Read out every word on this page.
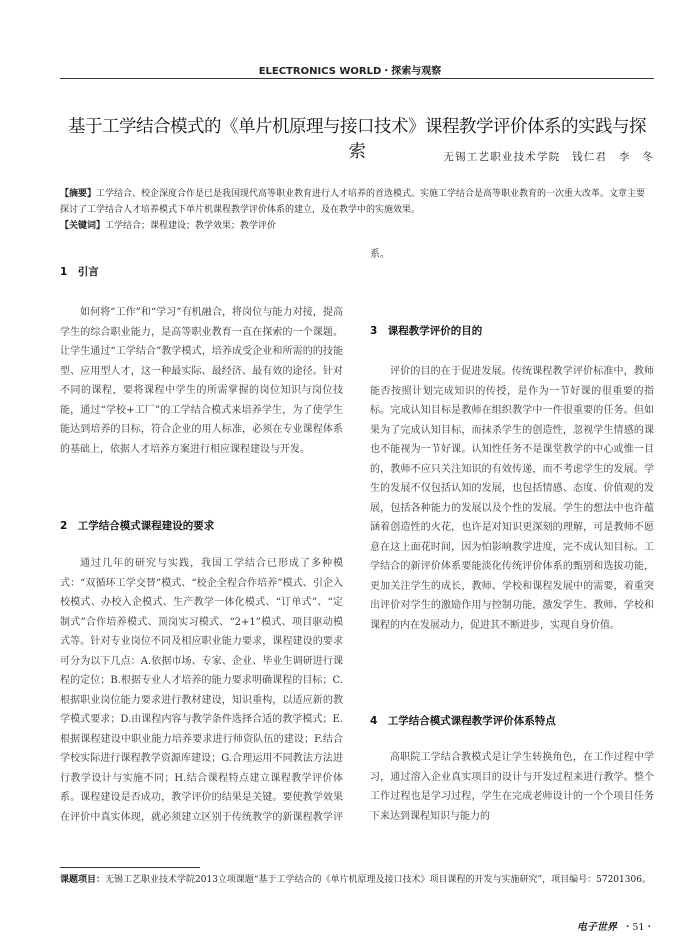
ELECTRONICS WORLD・探索与观察
基于工学结合模式的《单片机原理与接口技术》课程教学评价体系的实践与探索	无锡工艺职业技术学院　钱仁君　李　冬
【摘要】工学结合、校企深度合作是已是我国现代高等职业教育进行人才培养的首选模式。实施工学结合是高等职业教育的一次重大改革。文章主要探讨了工学结合人才培养模式下单片机课程教学评价体系的建立，及在教学中的实施效果。
【关键词】工学结合；课程建设；教学效果；教学评价
1　引言

如何将“工作”和“学习”有机融合，将岗位与能力对接，提高学生的综合职业能力，是高等职业教育一直在探索的一个课题。让学生通过“工学结合”教学模式，培养成受企业和所需的的技能型、应用型人才，这一种最实际、最经济、最有效的途径。针对不同的课程，要将课程中学生的所需掌握的岗位知识与岗位技能，通过“学校+工厂”的工学结合模式来培养学生，为了使学生能达到培养的目标，符合企业的用人标准，必须在专业课程体系的基础上，依据人才培养方案进行相应课程建设与开发。

2　工学结合模式课程建设的要求

通过几年的研究与实践，我国工学结合已形成了多种模式：“双循环工学交替”模式、“校企全程合作培养”模式、引企入校模式、办校入企模式、生产教学一体化模式、“订单式”、“定制式”合作培养模式、顶岗实习模式、“2+1”模式、项目驱动模式等。针对专业岗位不同及相应职业能力要求，课程建设的要求可分为以下几点：A.依据市场、专家、企业、毕业生调研进行课程的定位；B.根据专业人才培养的能力要求明确课程的目标；C.根据职业岗位能力要求进行教材建设，知识重构，以适应新的教学模式要求；D.由课程内容与教学条件选择合适的教学模式；E.根据课程建设中职业能力培养要求进行师资队伍的建设；F.结合学校实际进行课程教学资源库建设；G.合理运用不同教法方法进行教学设计与实施不同；H.结合课程特点建立课程教学评价体系。课程建设是否成功，教学评价的结果是关键。要使教学效果在评价中真实体现，就必须建立区别于传统教学的新课程教学评

系。
3　课程教学评价的目的

评价的目的在于促进发展。传统课程教学评价标准中，教师能否按照计划完成知识的传授，是作为一节好课的很重要的指标。完成认知目标是教师在组织教学中一件很重要的任务。但如果为了完成认知目标，而抹杀学生的创造性，忽视学生情感的课也不能视为一节好课。认知性任务不是课堂教学的中心或惟一目的，教师不应只关注知识的有效传递，而不考虑学生的发展。学生的发展不仅包括认知的发展，也包括情感、态度、价值观的发展，包括各种能力的发展以及个性的发展。学生的想法中也许蕴涵着创造性的火花，也许是对知识更深刻的理解，可是教师不愿意在这上面花时间，因为怕影响教学进度，完不成认知目标。工学结合的新评价体系要能淡化传统评价体系的甄别和选拔功能，更加关注学生的成长，教师、学校和课程发展中的需要，着重突出评价对学生的激励作用与控制功能，激发学生、教师、学校和课程的内在发展动力，促进其不断进步，实现自身价值。

4　工学结合模式课程教学评价体系特点

高职院工学结合教模式是让学生转换角色，在工作过程中学习，通过溶入企业真实项目的设计与开发过程来进行教学。整个工作过程也是学习过程，学生在完成老师设计的一个个项目任务下来达到课程知识与能力的

课题项目：无锡工艺职业技术学院2013立项课题“基于工学结合的《单片机原理及接口技术》项目课程的开发与实施研究”，项目编号：57201306。
电子世界 ・51・
